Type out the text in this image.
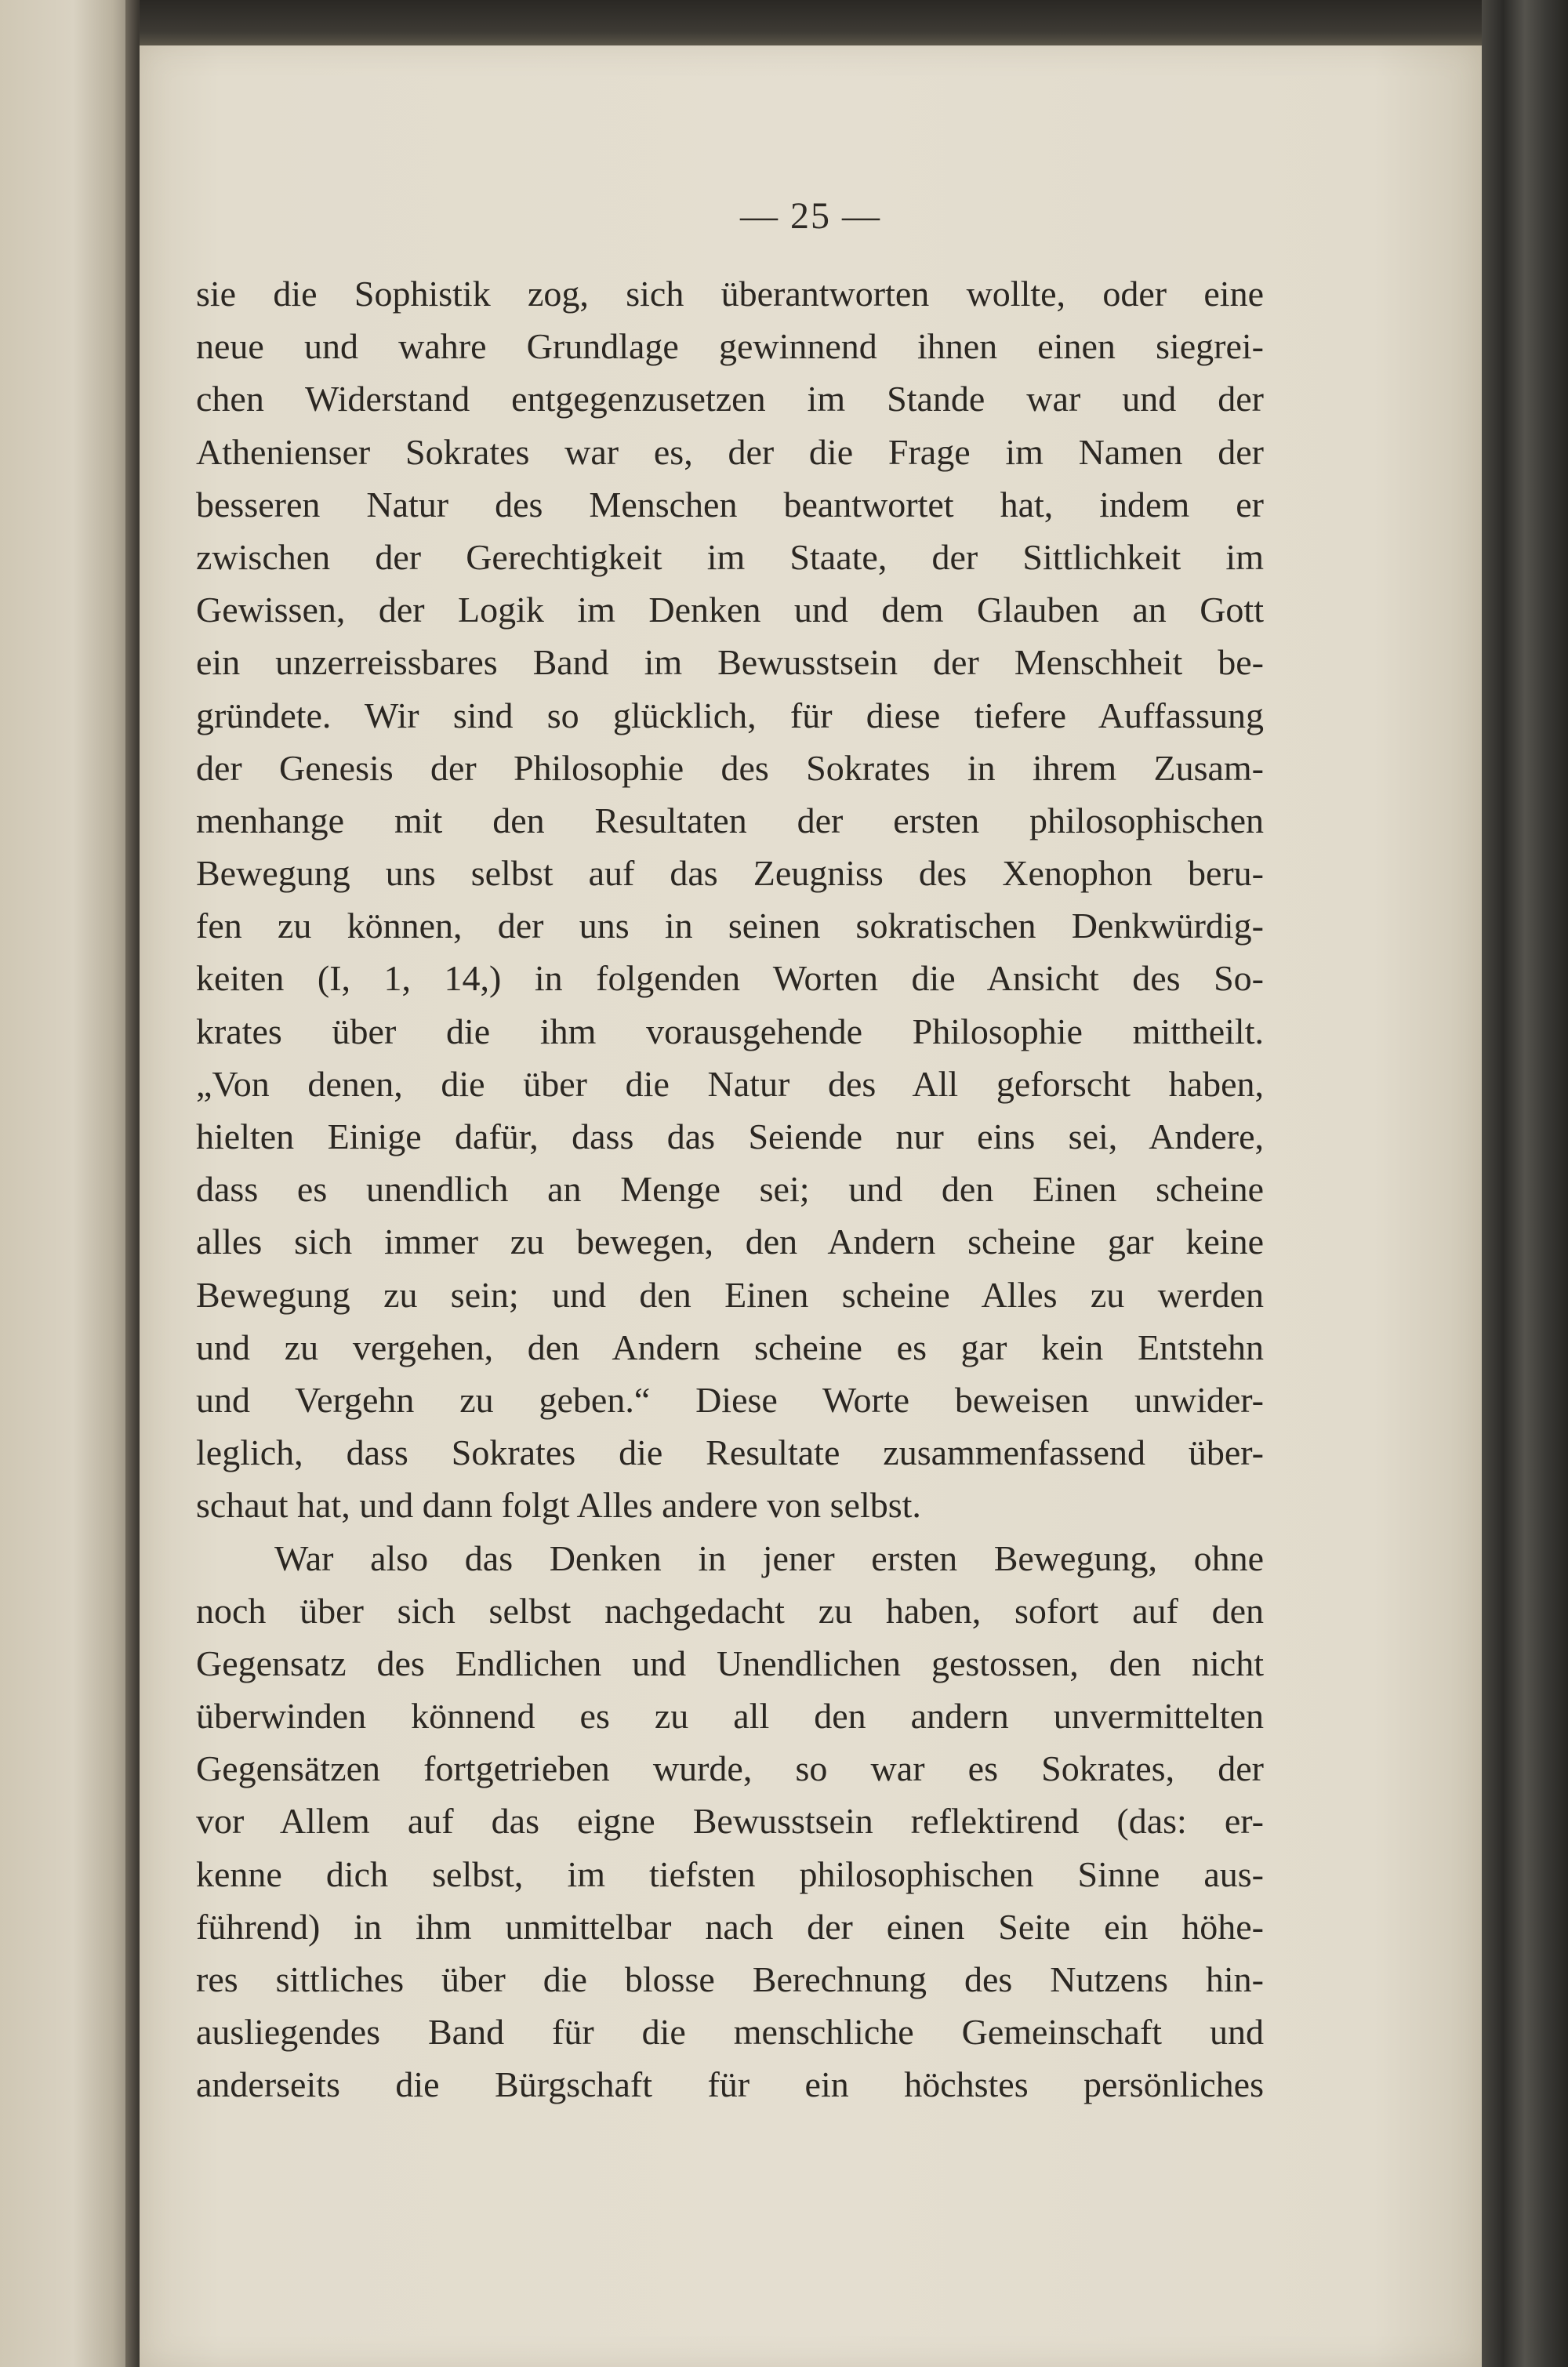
— 25 —
sie die Sophistik zog, sich überantworten wollte, oder eine
neue und wahre Grundlage gewinnend ihnen einen siegrei-
chen Widerstand entgegenzusetzen im Stande war und der
Athenienser Sokrates war es, der die Frage im Namen der
besseren Natur des Menschen beantwortet hat, indem er
zwischen der Gerechtigkeit im Staate, der Sittlichkeit im
Gewissen, der Logik im Denken und dem Glauben an Gott
ein unzerreissbares Band im Bewusstsein der Menschheit be-
gründete. Wir sind so glücklich, für diese tiefere Auffassung
der Genesis der Philosophie des Sokrates in ihrem Zusam-
menhange mit den Resultaten der ersten philosophischen
Bewegung uns selbst auf das Zeugniss des Xenophon beru-
fen zu können, der uns in seinen sokratischen Denkwürdig-
keiten (I, 1, 14,) in folgenden Worten die Ansicht des So-
krates über die ihm vorausgehende Philosophie mittheilt.
„Von denen, die über die Natur des All geforscht haben,
hielten Einige dafür, dass das Seiende nur eins sei, Andere,
dass es unendlich an Menge sei; und den Einen scheine
alles sich immer zu bewegen, den Andern scheine gar keine
Bewegung zu sein; und den Einen scheine Alles zu werden
und zu vergehen, den Andern scheine es gar kein Entstehn
und Vergehn zu geben.“ Diese Worte beweisen unwider-
leglich, dass Sokrates die Resultate zusammenfassend über-
schaut hat, und dann folgt Alles andere von selbst.
War also das Denken in jener ersten Bewegung, ohne
noch über sich selbst nachgedacht zu haben, sofort auf den
Gegensatz des Endlichen und Unendlichen gestossen, den nicht
überwinden könnend es zu all den andern unvermittelten
Gegensätzen fortgetrieben wurde, so war es Sokrates, der
vor Allem auf das eigne Bewusstsein reflektirend (das: er-
kenne dich selbst, im tiefsten philosophischen Sinne aus-
führend) in ihm unmittelbar nach der einen Seite ein höhe-
res sittliches über die blosse Berechnung des Nutzens hin-
ausliegendes Band für die menschliche Gemeinschaft und
anderseits die Bürgschaft für ein höchstes persönliches
